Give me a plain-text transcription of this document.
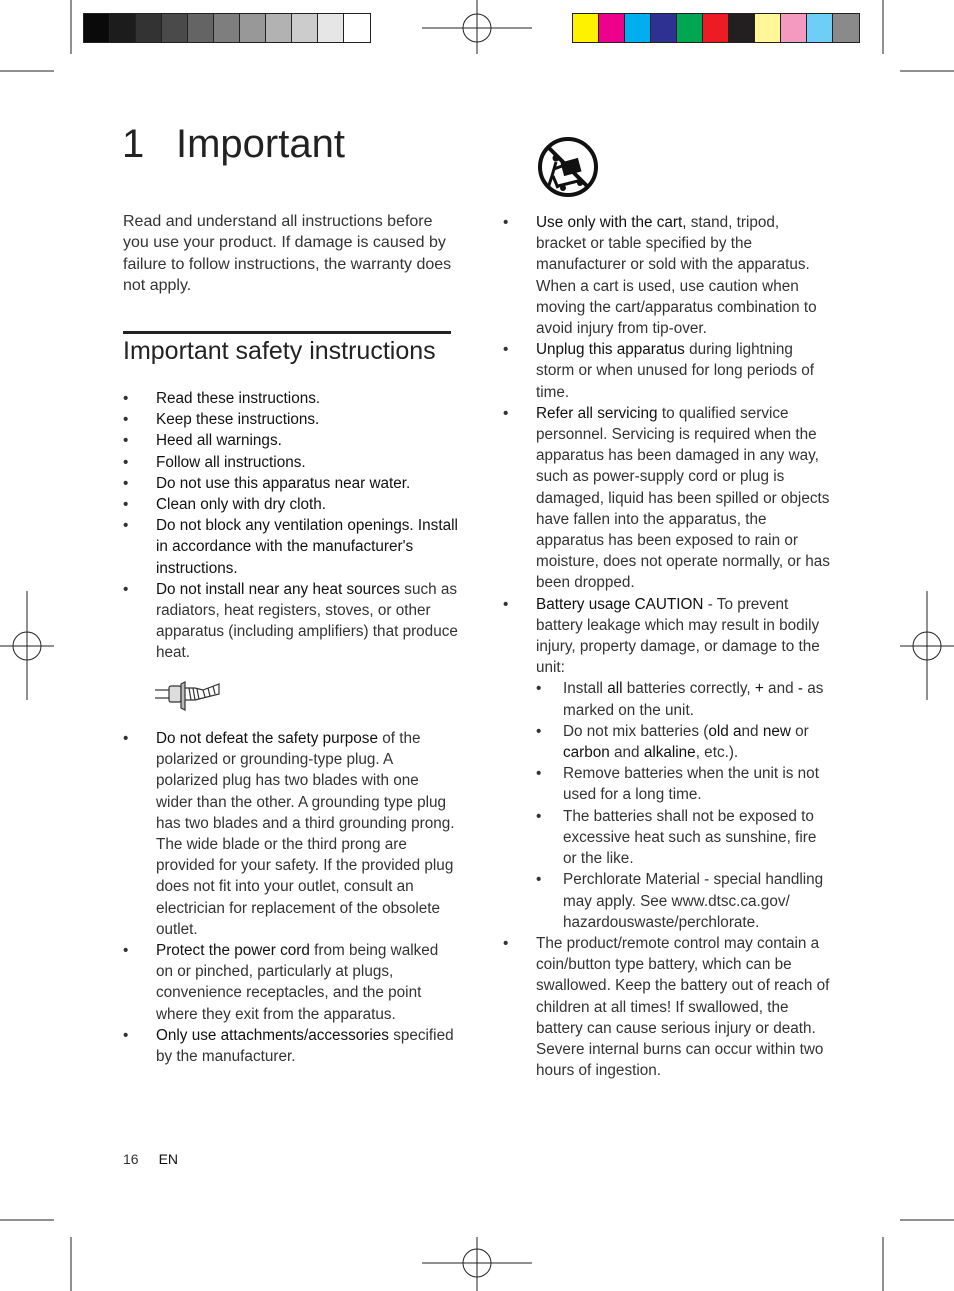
1 Important
Read and understand all instructions before you use your product. If damage is caused by failure to follow instructions, the warranty does not apply.
Important safety instructions
• Read these instructions.
• Keep these instructions.
• Heed all warnings.
• Follow all instructions.
• Do not use this apparatus near water.
• Clean only with dry cloth.
• Do not block any ventilation openings. Install in accordance with the manufacturer's instructions.
• Do not install near any heat sources such as radiators, heat registers, stoves, or other apparatus (including amplifiers) that produce heat.
• Do not defeat the safety purpose of the polarized or grounding-type plug. A polarized plug has two blades with one wider than the other. A grounding type plug has two blades and a third grounding prong. The wide blade or the third prong are provided for your safety. If the provided plug does not fit into your outlet, consult an electrician for replacement of the obsolete outlet.
• Protect the power cord from being walked on or pinched, particularly at plugs, convenience receptacles, and the point where they exit from the apparatus.
• Only use attachments/accessories specified by the manufacturer.
• Use only with the cart, stand, tripod, bracket or table specified by the manufacturer or sold with the apparatus. When a cart is used, use caution when moving the cart/apparatus combination to avoid injury from tip-over.
• Unplug this apparatus during lightning storm or when unused for long periods of time.
• Refer all servicing to qualified service personnel. Servicing is required when the apparatus has been damaged in any way, such as power-supply cord or plug is damaged, liquid has been spilled or objects have fallen into the apparatus, the apparatus has been exposed to rain or moisture, does not operate normally, or has been dropped.
• Battery usage CAUTION - To prevent battery leakage which may result in bodily injury, property damage, or damage to the unit:
• Install all batteries correctly, + and - as marked on the unit.
• Do not mix batteries (old and new or carbon and alkaline, etc.).
• Remove batteries when the unit is not used for a long time.
• The batteries shall not be exposed to excessive heat such as sunshine, fire or the like.
• Perchlorate Material - special handling may apply. See www.dtsc.ca.gov/ hazardouswaste/perchlorate.
• The product/remote control may contain a coin/button type battery, which can be swallowed. Keep the battery out of reach of children at all times! If swallowed, the battery can cause serious injury or death. Severe internal burns can occur within two hours of ingestion.
16 EN
